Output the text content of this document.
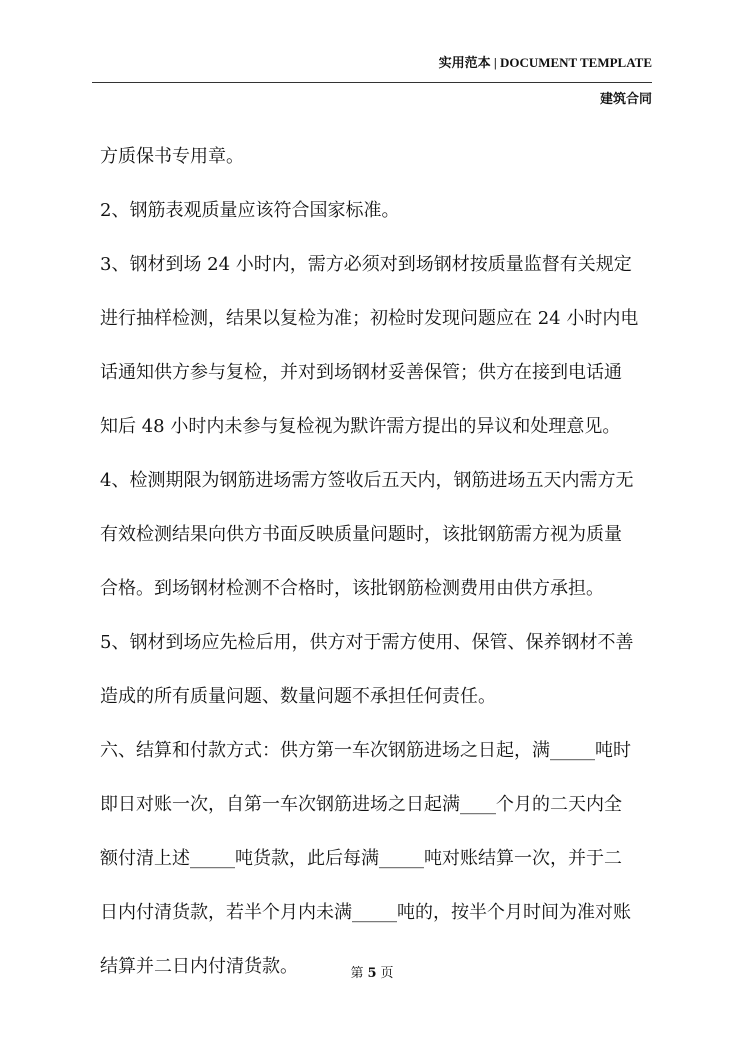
实用范本 | DOCUMENT TEMPLATE
建筑合同
方质保书专用章。
2、钢筋表观质量应该符合国家标准。
3、钢材到场 24 小时内，需方必须对到场钢材按质量监督有关规定
进行抽样检测，结果以复检为准；初检时发现问题应在 24 小时内电
话通知供方参与复检，并对到场钢材妥善保管；供方在接到电话通
知后 48 小时内未参与复检视为默许需方提出的异议和处理意见。
4、检测期限为钢筋进场需方签收后五天内，钢筋进场五天内需方无
有效检测结果向供方书面反映质量问题时，该批钢筋需方视为质量
合格。到场钢材检测不合格时，该批钢筋检测费用由供方承担。
5、钢材到场应先检后用，供方对于需方使用、保管、保养钢材不善
造成的所有质量问题、数量问题不承担任何责任。
六、结算和付款方式：供方第一车次钢筋进场之日起，满_____吨时
即日对账一次，自第一车次钢筋进场之日起满____个月的二天内全
额付清上述_____吨货款，此后每满_____吨对账结算一次，并于二
日内付清货款，若半个月内未满_____吨的，按半个月时间为准对账
结算并二日内付清货款。	第 5 页
